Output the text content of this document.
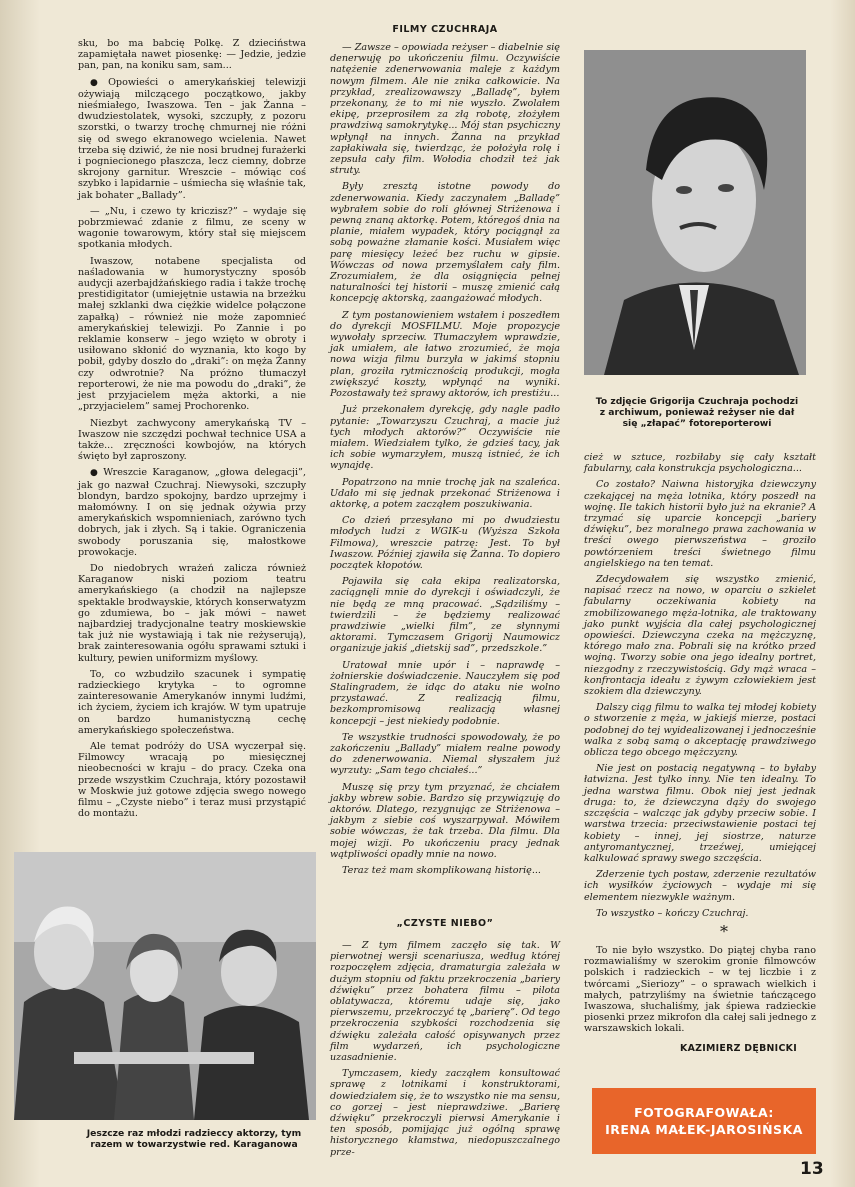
sku, bo ma babcię Polkę. Z dzieciństwa zapamiętała nawet piosenkę: — Jedzie, jedzie pan, pan, na koniku sam, sam...

● Opowieści o amerykańskiej telewizji ożywiają milczącego początkowo, jakby nieśmiałego, Iwaszowa. Ten – jak Żanna – dwudziestolatek, wysoki, szczupły, z pozoru szorstki, o twarzy trochę chmurnej nie różni się od swego ekranowego wcielenia. Nawet trzeba się dziwić, że nie nosi brudnej furażerki i pogniecionego płaszcza, lecz ciemny, dobrze skrojony garnitur. Wreszcie – mówiąc coś szybko i lapidarnie – uśmiecha się właśnie tak, jak bohater „Ballady”.

— „Nu, i czewo ty kriczisz?” – wydaje się pobrzmiewać zdanie z filmu, ze sceny w wagonie towarowym, który stał się miejscem spotkania młodych.

Iwaszow, notabene specjalista od naśladowania w humorystyczny sposób audycji azerbajdżańskiego radia i także trochę prestidigitator (umiejętnie ustawia na brzeżku małej szklanki dwa ciężkie widelce połączone zapałką) – również nie może zapomnieć amerykańskiej telewizji. Po Zannie i po reklamie konserw – jego wzięto w obroty i usiłowano skłonić do wyznania, kto kogo by pobił, gdyby doszło do „draki”: on męża Żanny czy odwrotnie? Na próżno tłumaczył reporterowi, że nie ma powodu do „draki”, że jest przyjacielem męża aktorki, a nie „przyjacielem” samej Prochorenko.

Niezbyt zachwycony amerykańską TV – Iwaszow nie szczędzi pochwał technice USA a także... zręczności kowbojów, na których święto był zaproszony.

● Wreszcie Karaganow, „głowa delegacji”, jak go nazwał Czuchraj. Niewysoki, szczupły blondyn, bardzo spokojny, bardzo uprzejmy i małomówny. I on się jednak ożywia przy amerykańskich wspomnieniach, zarówno tych dobrych, jak i złych. Są i takie. Ograniczenia swobody poruszania się, małostkowe prowokacje.

Do niedobrych wrażeń zalicza również Karaganow niski poziom teatru amerykańskiego (a chodził na najlepsze spektakle brodwayskie, których konserwatyzm go zdumiewa, bo – jak mówi – nawet najbardziej tradycjonalne teatry moskiewskie tak już nie wystawiają i tak nie reżyserują), brak zainteresowania ogółu sprawami sztuki i kultury, pewien uniformizm myślowy.

To, co wzbudziło szacunek i sympatię radzieckiego krytyka – to ogromne zainteresowanie Amerykanów innymi ludźmi, ich życiem, życiem ich krajów. W tym upatruje on bardzo humanistyczną cechę amerykańskiego społeczeństwa.

Ale temat podróży do USA wyczerpał się. Filmowcy wracają po miesięcznej nieobecności w kraju – do pracy. Czeka ona przede wszystkim Czuchraja, który pozostawił w Moskwie już gotowe zdjęcia swego nowego filmu – „Czyste niebo” i teraz musi przystąpić do montażu.

FILMY CZUCHRAJA

— Zawsze – opowiada reżyser – diabelnie się denerwuję po ukończeniu filmu. Oczywiście natężenie zdenerwowania maleje z każdym nowym filmem. Ale nie znika całkowicie. Na przykład, zrealizowawszy „Balladę”, byłem przekonany, że to mi nie wyszło. Zwolałem ekipę, przeprosiłem za złą robotę, złożyłem prawdziwą samokrytykę... Mój stan psychiczny wpłynął na innych. Żanna na przykład zapłakiwała się, twierdząc, że położyła rolę i zepsuła cały film. Wołodia chodził też jak struty.

Były zresztą istotne powody do zdenerwowania. Kiedy zaczynałem „Balladę” wybrałem sobie do roli głównej Striżenowa i pewną znaną aktorkę. Potem, któregoś dnia na planie, miałem wypadek, który pociągnął za sobą poważne złamanie kości. Musiałem więc parę miesięcy leżeć bez ruchu w gipsie. Wówczas od nowa przemyślałem cały film. Zrozumiałem, że dla osiągnięcia pełnej naturalności tej historii – muszę zmienić całą koncepcję aktorską, zaangażować młodych.

Z tym postanowieniem wstałem i poszedłem do dyrekcji MOSFILMU. Moje propozycje wywołały sprzeciw. Tłumaczyłem wprawdzie, jak umiałem, ale łatwo zrozumieć, że moja nowa wizja filmu burzyła w jakimś stopniu plan, groziła rytmicznością produkcji, mogła zwiększyć koszty, wpłynąć na wyniki. Pozostawały też sprawy aktorów, ich prestiżu...

Już przekonałem dyrekcję, gdy nagle padło pytanie: „Towarzyszu Czuchraj, a macie już tych młodych aktorów?” Oczywiście nie miałem. Wiedziałem tylko, że gdzieś tacy, jak ich sobie wymarzyłem, muszą istnieć, że ich wynajdę.

Popatrzono na mnie trochę jak na szaleńca. Udało mi się jednak przekonać Striżenowa i aktorkę, a potem zacząłem poszukiwania.

Co dzień przesyłano mi po dwudziestu młodych ludzi z WGIK-u (Wyższa Szkoła Filmowa), wreszcie patrzę: Jest. To był Iwaszow. Później zjawiła się Żanna. To dopiero początek kłopotów.

Pojawiła się cała ekipa realizatorska, zaciągnęli mnie do dyrekcji i oświadczyli, że nie będą ze mną pracować. „Sądziliśmy – twierdzili – że będziemy realizować prawdziwie „wielki film”, ze słynnymi aktorami. Tymczasem Grigorij Naumowicz organizuje jakiś „dietskij sad”, przedszkole.”

Uratował mnie upór i – naprawdę – żołnierskie doświadczenie. Nauczyłem się pod Stalingradem, że idąc do ataku nie wolno przystawać. Z realizacją filmu, bezkompromisową realizacją własnej koncepcji – jest niekiedy podobnie.

Te wszystkie trudności spowodowały, że po zakończeniu „Ballady” miałem realne powody do zdenerwowania. Niemal słyszałem już wyrzuty: „Sam tego chciałeś...”

Muszę się przy tym przyznać, że chciałem jakby wbrew sobie. Bardzo się przywiązuję do aktorów. Dlatego, rezygnując ze Striżenowa – jakbym z siebie coś wyszarpywał. Mówiłem sobie wówczas, że tak trzeba. Dla filmu. Dla mojej wizji. Po ukończeniu pracy jednak wątpliwości opadły mnie na nowo.

Teraz też mam skomplikowaną historię...

„CZYSTE NIEBO”

— Z tym filmem zaczęło się tak. W pierwotnej wersji scenariusza, według której rozpoczęłem zdjęcia, dramaturgia zależała w dużym stopniu od faktu przekroczenia „bariery dźwięku” przez bohatera filmu – pilota oblatywacza, któremu udaje się, jako pierwszemu, przekroczyć tę „barierę”. Od tego przekroczenia szybkości rozchodzenia się dźwięku zależała całość opisywanych przez film wydarzeń, ich psychologiczne uzasadnienie.

Tymczasem, kiedy zacząłem konsultować sprawę z lotnikami i konstruktorami, dowiedziałem się, że to wszystko nie ma sensu, co gorzej – jest nieprawdziwe. „Barierę dźwięku” przekroczyli pierwsi Amerykanie i ten sposób, pomijając już ogólną sprawę historycznego kłamstwa, niedopuszczalnego prze-

To zdjęcie Grigorija Czuchraja pochodzi z archiwum, ponieważ reżyser nie dał się „złapać” fotoreporterowi

cież w sztuce, rozbiłaby się cały kształt fabularny, cała konstrukcja psychologiczna...

Co zostało? Naiwna historyjka dziewczyny czekającej na męża lotnika, który poszedł na wojnę. Ile takich historii było już na ekranie? A trzymać się uparcie koncepcji „bariery dźwięku”, bez moralnego prawa zachowania w treści owego pierwszeństwa – groziło powtórzeniem treści świetnego filmu angielskiego na ten temat.

Zdecydowałem się wszystko zmienić, napisać rzecz na nowo, w oparciu o szkielet fabularny oczekiwania kobiety na zmobilizowanego męża-lotnika, ale traktowany jako punkt wyjścia dla całej psychologicznej opowieści. Dziewczyna czeka na mężczyznę, którego mało zna. Pobrali się na krótko przed wojną. Tworzy sobie ona jego idealny portret, niezgodny z rzeczywistością. Gdy mąż wraca – konfrontacja ideału z żywym człowiekiem jest szokiem dla dziewczyny.

Dalszy ciąg filmu to walka tej młodej kobiety o stworzenie z męża, w jakiejś mierze, postaci podobnej do tej wyidealizowanej i jednocześnie walka z sobą samą o akceptację prawdziwego oblicza tego obcego mężczyzny.

Nie jest on postacią negatywną – to byłaby łatwizna. Jest tylko inny. Nie ten idealny. To jedna warstwa filmu. Obok niej jest jednak druga: to, że dziewczyna dąży do swojego szczęścia – walcząc jak gdyby przeciw sobie. I warstwa trzecia: przeciwstawienie postaci tej kobiety – innej, jej siostrze, naturze antyromantycznej, trzeźwej, umiejącej kalkulować sprawy swego szczęścia.

Zderzenie tych postaw, zderzenie rezultatów ich wysiłków życiowych – wydaje mi się elementem niezwykle ważnym.

To wszystko – kończy Czuchraj.

*

To nie było wszystko. Do piątej chyba rano rozmawialiśmy w szerokim gronie filmowców polskich i radzieckich – w tej liczbie i z twórcami „Sieriozy” – o sprawach wielkich i małych, patrzyliśmy na świetnie tańczącego Iwaszowa, słuchaliśmy, jak śpiewa radzieckie piosenki przez mikrofon dla całej sali jednego z warszawskich lokali.

KAZIMIERZ DĘBNICKI
Jeszcze raz młodzi radzieccy aktorzy, tym razem w towarzystwie red. Karaganowa
FOTOGRAFOWAŁA:
IRENA MAŁEK-JAROSIŃSKA
13
